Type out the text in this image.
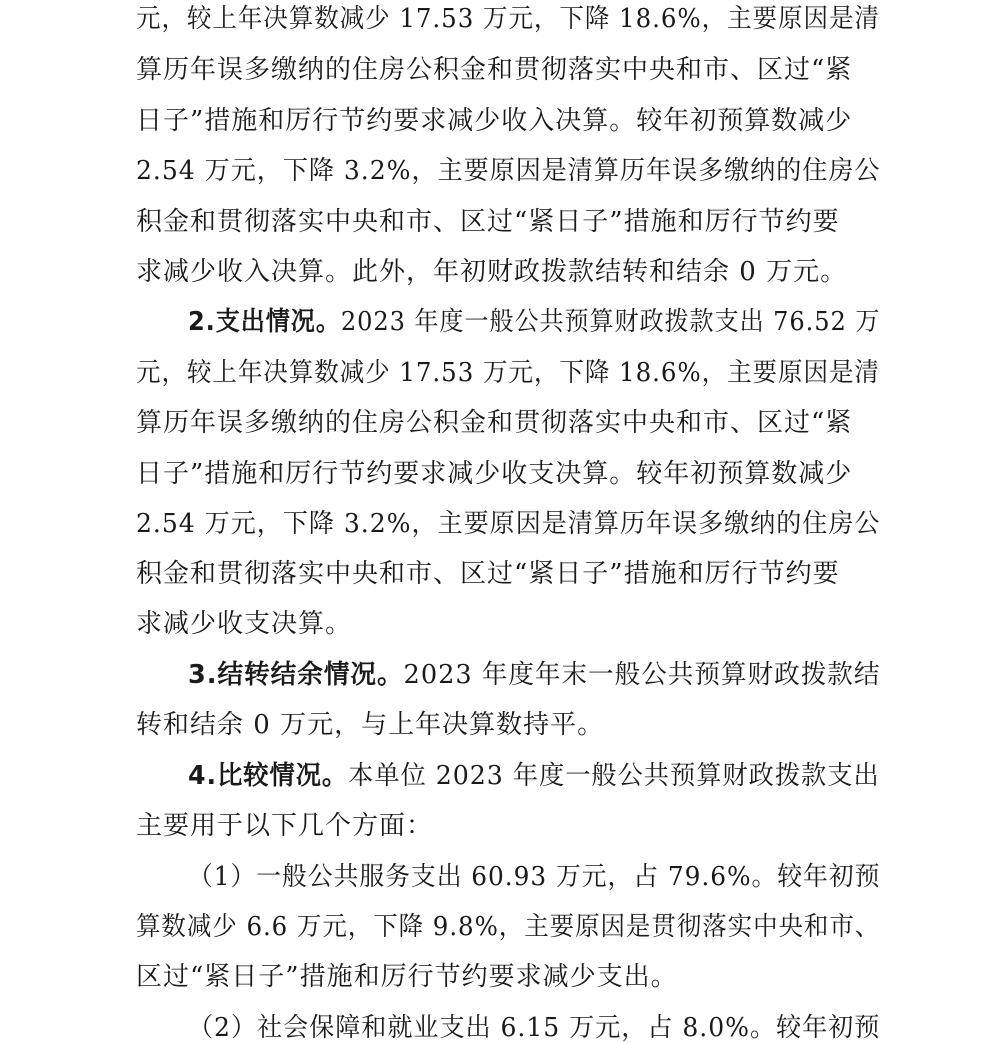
元，较上年决算数减少 17.53 万元，下降 18.6%，主要原因是清
算历年误多缴纳的住房公积金和贯彻落实中央和市、区过“紧
日子”措施和厉行节约要求减少收入决算。较年初预算数减少
2.54 万元，下降 3.2%，主要原因是清算历年误多缴纳的住房公
积金和贯彻落实中央和市、区过“紧日子”措施和厉行节约要
求减少收入决算。此外，年初财政拨款结转和结余 0 万元。
2.支出情况。2023 年度一般公共预算财政拨款支出 76.52 万
元，较上年决算数减少 17.53 万元，下降 18.6%，主要原因是清
算历年误多缴纳的住房公积金和贯彻落实中央和市、区过“紧
日子”措施和厉行节约要求减少收支决算。较年初预算数减少
2.54 万元，下降 3.2%，主要原因是清算历年误多缴纳的住房公
积金和贯彻落实中央和市、区过“紧日子”措施和厉行节约要
求减少收支决算。
3.结转结余情况。2023 年度年末一般公共预算财政拨款结
转和结余 0 万元，与上年决算数持平。
4.比较情况。本单位 2023 年度一般公共预算财政拨款支出
主要用于以下几个方面：
（1）一般公共服务支出 60.93 万元，占 79.6%。较年初预
算数减少 6.6 万元，下降 9.8%，主要原因是贯彻落实中央和市、
区过“紧日子”措施和厉行节约要求减少支出。
（2）社会保障和就业支出 6.15 万元，占 8.0%。较年初预
